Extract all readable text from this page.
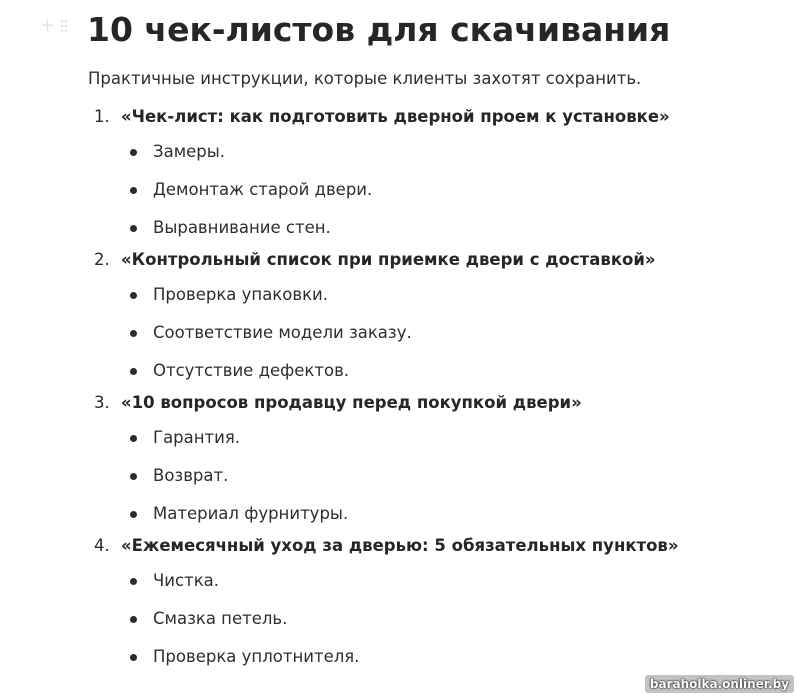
+ 10 чек-листов для скачивания

Практичные инструкции, которые клиенты захотят сохранить.

1. «Чек-лист: как подготовить дверной проем к установке»
Замеры.
Демонтаж старой двери.
Выравнивание стен.
2. «Контрольный список при приемке двери с доставкой»
Проверка упаковки.
Соответствие модели заказу.
Отсутствие дефектов.
3. «10 вопросов продавцу перед покупкой двери»
Гарантия.
Возврат.
Материал фурнитуры.
4. «Ежемесячный уход за дверью: 5 обязательных пунктов»
Чистка.
Смазка петель.
Проверка уплотнителя.
baraholka.onliner.by
